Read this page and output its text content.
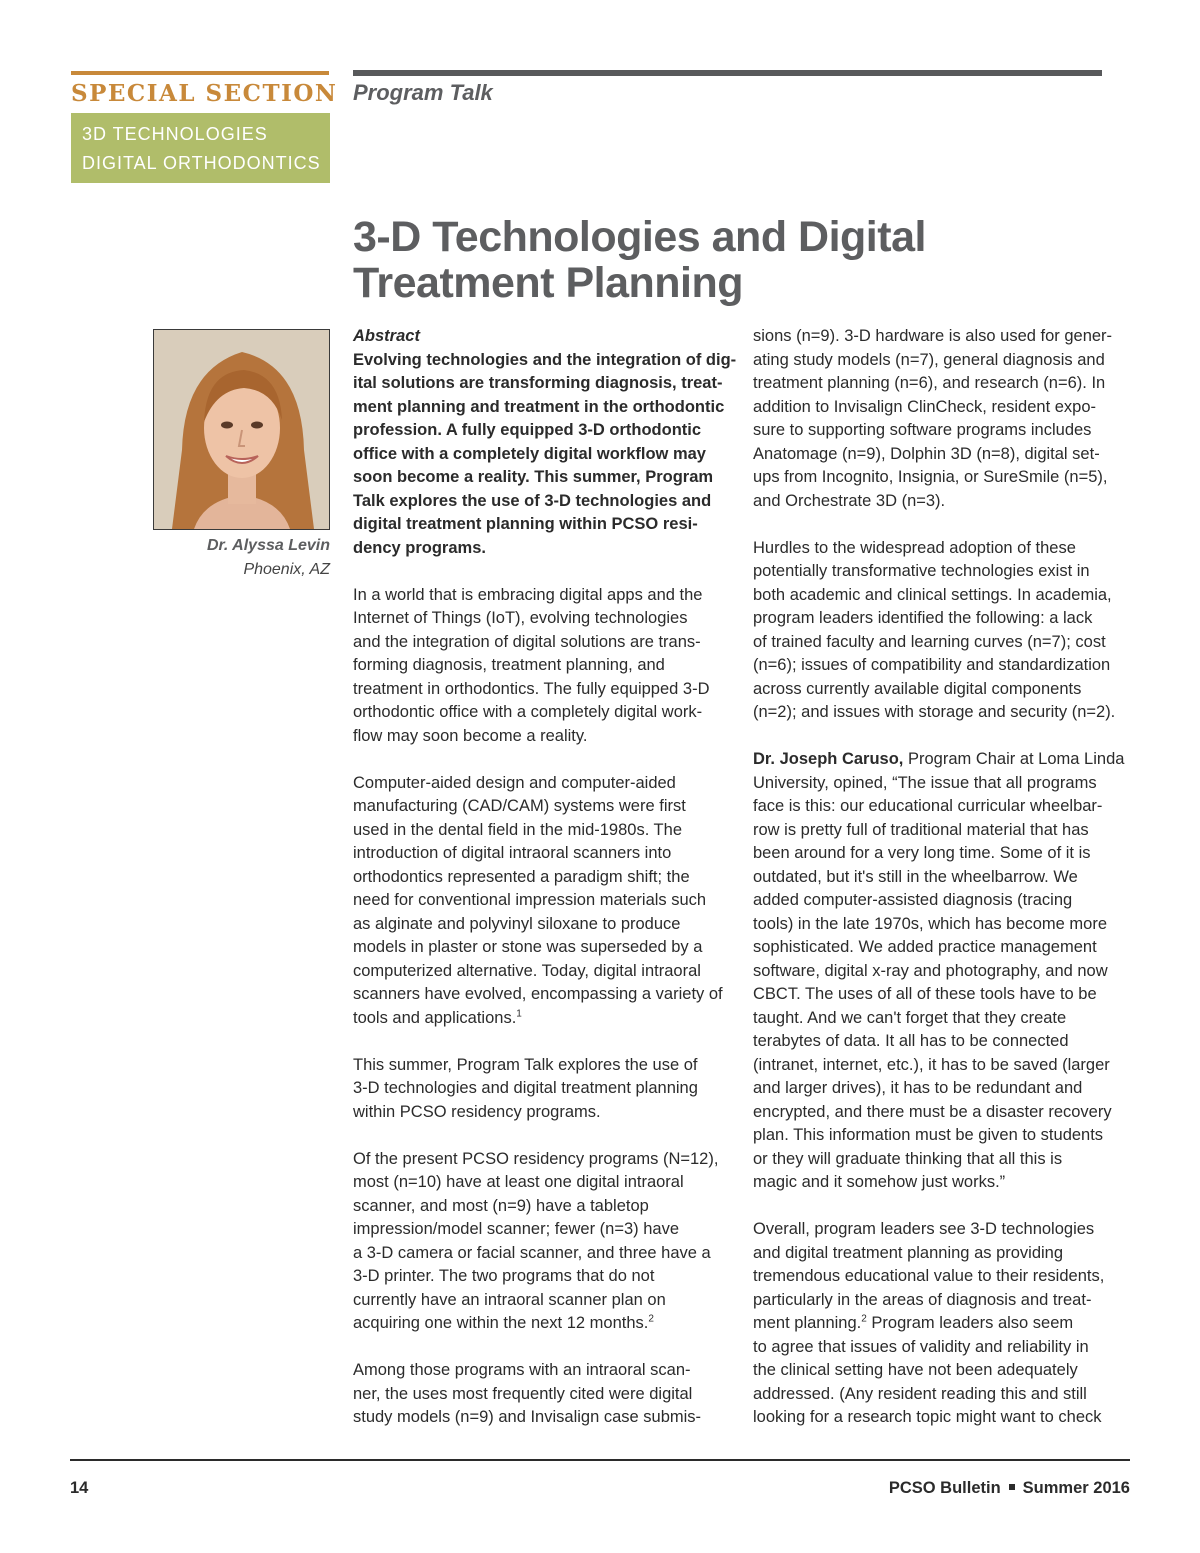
SPECIAL SECTION
3D TECHNOLOGIES
DIGITAL ORTHODONTICS
Program Talk
3-D Technologies and Digital
Treatment Planning
Dr. Alyssa Levin
Phoenix, AZ

Abstract
Evolving technologies and the integration of dig-
ital solutions are transforming diagnosis, treat-
ment planning and treatment in the orthodontic
profession. A fully equipped 3-D orthodontic
office with a completely digital workflow may
soon become a reality. This summer, Program
Talk explores the use of 3-D technologies and
digital treatment planning within PCSO resi-
dency programs.

In a world that is embracing digital apps and the
Internet of Things (IoT), evolving technologies
and the integration of digital solutions are trans-
forming diagnosis, treatment planning, and
treatment in orthodontics. The fully equipped 3-D
orthodontic office with a completely digital work-
flow may soon become a reality.

Computer-aided design and computer-aided
manufacturing (CAD/CAM) systems were first
used in the dental field in the mid-1980s. The
introduction of digital intraoral scanners into
orthodontics represented a paradigm shift; the
need for conventional impression materials such
as alginate and polyvinyl siloxane to produce
models in plaster or stone was superseded by a
computerized alternative. Today, digital intraoral
scanners have evolved, encompassing a variety of
tools and applications.$^1$

This summer, Program Talk explores the use of
3-D technologies and digital treatment planning
within PCSO residency programs.

Of the present PCSO residency programs (N=12),
most (n=10) have at least one digital intraoral
scanner, and most (n=9) have a tabletop
impression/model scanner; fewer (n=3) have
a 3-D camera or facial scanner, and three have a
3-D printer. The two programs that do not
currently have an intraoral scanner plan on
acquiring one within the next 12 months.$^2$

Among those programs with an intraoral scan-
ner, the uses most frequently cited were digital
study models (n=9) and Invisalign case submis-

sions (n=9). 3-D hardware is also used for gener-
ating study models (n=7), general diagnosis and
treatment planning (n=6), and research (n=6). In
addition to Invisalign ClinCheck, resident expo-
sure to supporting software programs includes
Anatomage (n=9), Dolphin 3D (n=8), digital set-
ups from Incognito, Insignia, or SureSmile (n=5),
and Orchestrate 3D (n=3).

Hurdles to the widespread adoption of these
potentially transformative technologies exist in
both academic and clinical settings. In academia,
program leaders identified the following: a lack
of trained faculty and learning curves (n=7); cost
(n=6); issues of compatibility and standardization
across currently available digital components
(n=2); and issues with storage and security (n=2).

Dr. Joseph Caruso, Program Chair at Loma Linda
University, opined, “The issue that all programs
face is this: our educational curricular wheelbar-
row is pretty full of traditional material that has
been around for a very long time. Some of it is
outdated, but it's still in the wheelbarrow. We
added computer-assisted diagnosis (tracing
tools) in the late 1970s, which has become more
sophisticated. We added practice management
software, digital x-ray and photography, and now
CBCT. The uses of all of these tools have to be
taught. And we can't forget that they create
terabytes of data. It all has to be connected
(intranet, internet, etc.), it has to be saved (larger
and larger drives), it has to be redundant and
encrypted, and there must be a disaster recovery
plan. This information must be given to students
or they will graduate thinking that all this is
magic and it somehow just works.”

Overall, program leaders see 3-D technologies
and digital treatment planning as providing
tremendous educational value to their residents,
particularly in the areas of diagnosis and treat-
ment planning.$^2$ Program leaders also seem
to agree that issues of validity and reliability in
the clinical setting have not been adequately
addressed. (Any resident reading this and still
looking for a research topic might want to check

14	PCSO Bulletin Summer 2016
